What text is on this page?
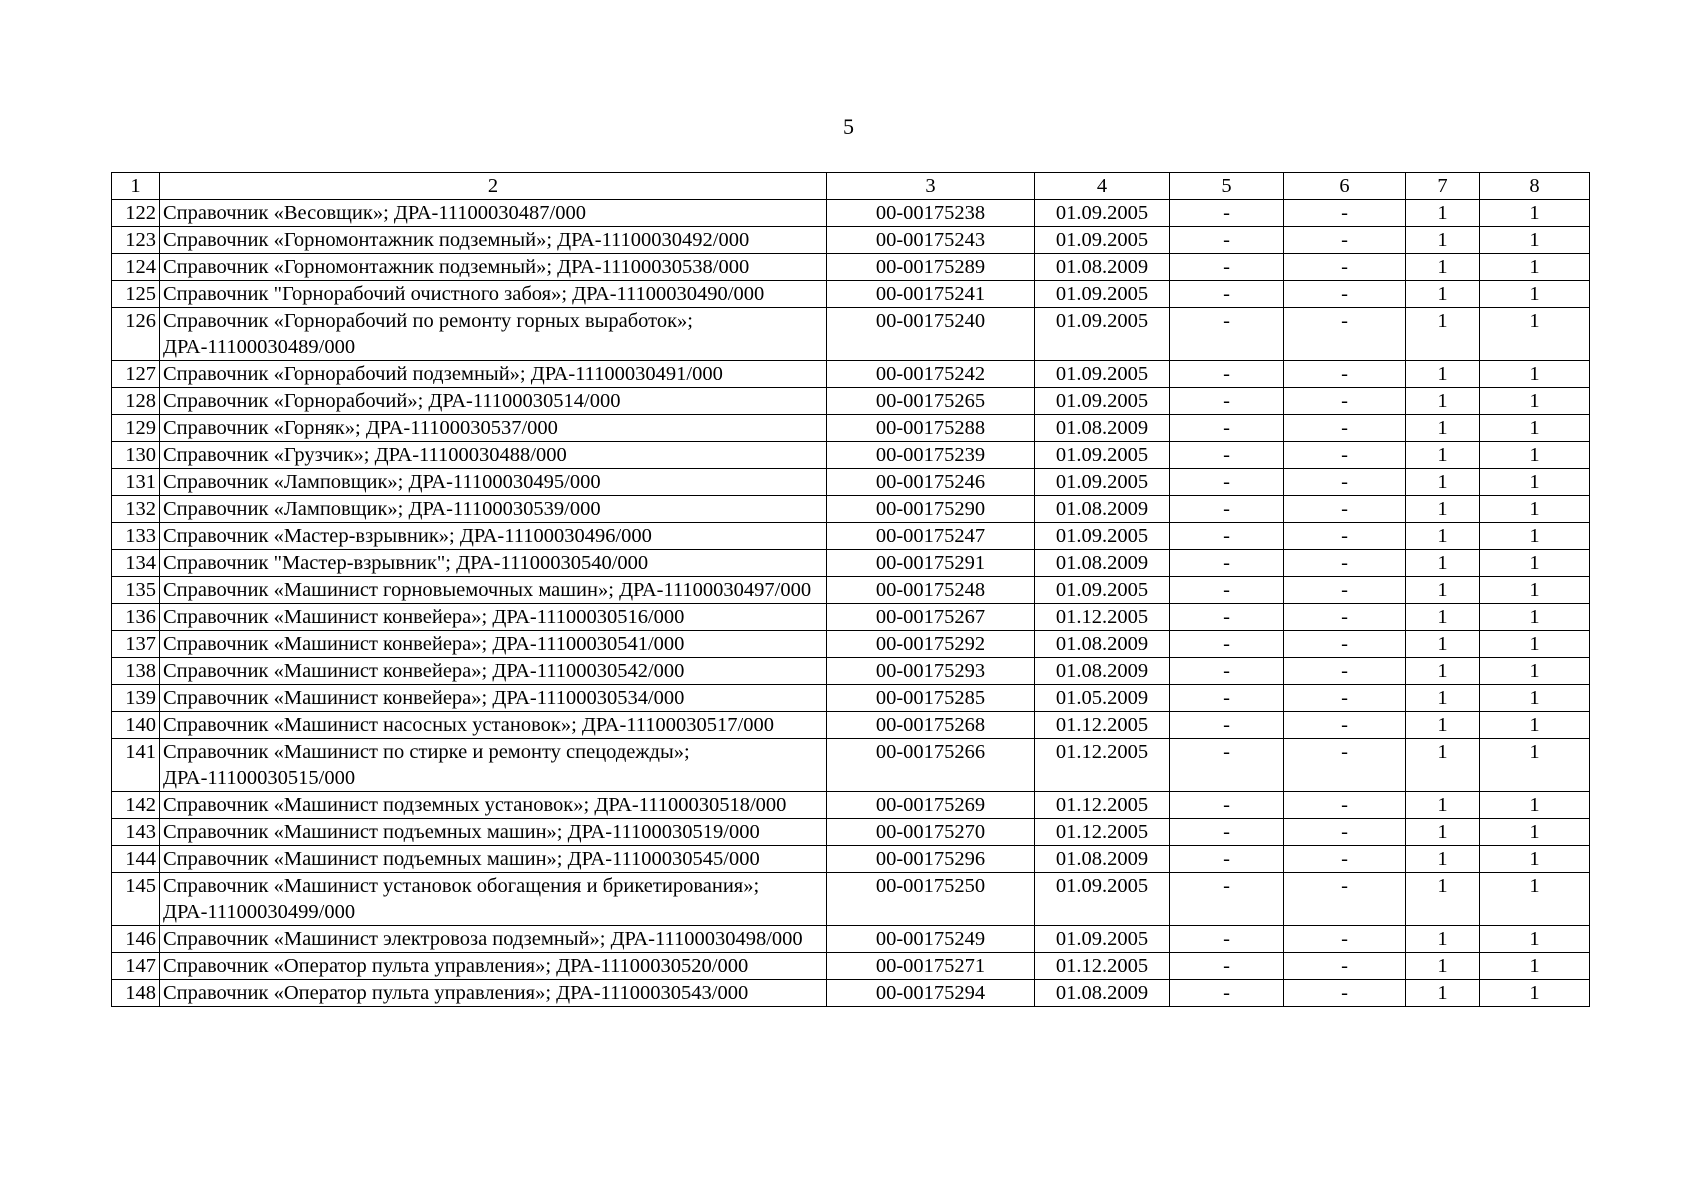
5
1	2	3	4	5	6	7	8
122	Справочник «Весовщик»; ДРА-11100030487/000	00-00175238	01.09.2005	-	-	1	1
123	Справочник «Горномонтажник подземный»; ДРА-11100030492/000	00-00175243	01.09.2005	-	-	1	1
124	Справочник «Горномонтажник подземный»; ДРА-11100030538/000	00-00175289	01.08.2009	-	-	1	1
125	Справочник "Горнорабочий очистного забоя»; ДРА-11100030490/000	00-00175241	01.09.2005	-	-	1	1
126	Справочник «Горнорабочий по ремонту горных выработок»; ДРА-11100030489/000	00-00175240	01.09.2005	-	-	1	1
127	Справочник «Горнорабочий подземный»; ДРА-11100030491/000	00-00175242	01.09.2005	-	-	1	1
128	Справочник «Горнорабочий»; ДРА-11100030514/000	00-00175265	01.09.2005	-	-	1	1
129	Справочник «Горняк»; ДРА-11100030537/000	00-00175288	01.08.2009	-	-	1	1
130	Справочник «Грузчик»; ДРА-11100030488/000	00-00175239	01.09.2005	-	-	1	1
131	Справочник «Ламповщик»; ДРА-11100030495/000	00-00175246	01.09.2005	-	-	1	1
132	Справочник «Ламповщик»; ДРА-11100030539/000	00-00175290	01.08.2009	-	-	1	1
133	Справочник «Мастер-взрывник»; ДРА-11100030496/000	00-00175247	01.09.2005	-	-	1	1
134	Справочник "Мастер-взрывник"; ДРА-11100030540/000	00-00175291	01.08.2009	-	-	1	1
135	Справочник «Машинист горновыемочных машин»; ДРА-11100030497/000	00-00175248	01.09.2005	-	-	1	1
136	Справочник «Машинист конвейера»; ДРА-11100030516/000	00-00175267	01.12.2005	-	-	1	1
137	Справочник «Машинист конвейера»; ДРА-11100030541/000	00-00175292	01.08.2009	-	-	1	1
138	Справочник «Машинист конвейера»; ДРА-11100030542/000	00-00175293	01.08.2009	-	-	1	1
139	Справочник «Машинист конвейера»; ДРА-11100030534/000	00-00175285	01.05.2009	-	-	1	1
140	Справочник «Машинист насосных установок»; ДРА-11100030517/000	00-00175268	01.12.2005	-	-	1	1
141	Справочник «Машинист по стирке и ремонту спецодежды»; ДРА-11100030515/000	00-00175266	01.12.2005	-	-	1	1
142	Справочник «Машинист подземных установок»; ДРА-11100030518/000	00-00175269	01.12.2005	-	-	1	1
143	Справочник «Машинист подъемных машин»; ДРА-11100030519/000	00-00175270	01.12.2005	-	-	1	1
144	Справочник «Машинист подъемных машин»; ДРА-11100030545/000	00-00175296	01.08.2009	-	-	1	1
145	Справочник «Машинист установок обогащения и брикетирования»; ДРА-11100030499/000	00-00175250	01.09.2005	-	-	1	1
146	Справочник «Машинист электровоза подземный»; ДРА-11100030498/000	00-00175249	01.09.2005	-	-	1	1
147	Справочник «Оператор пульта управления»; ДРА-11100030520/000	00-00175271	01.12.2005	-	-	1	1
148	Справочник «Оператор пульта управления»; ДРА-11100030543/000	00-00175294	01.08.2009	-	-	1	1
